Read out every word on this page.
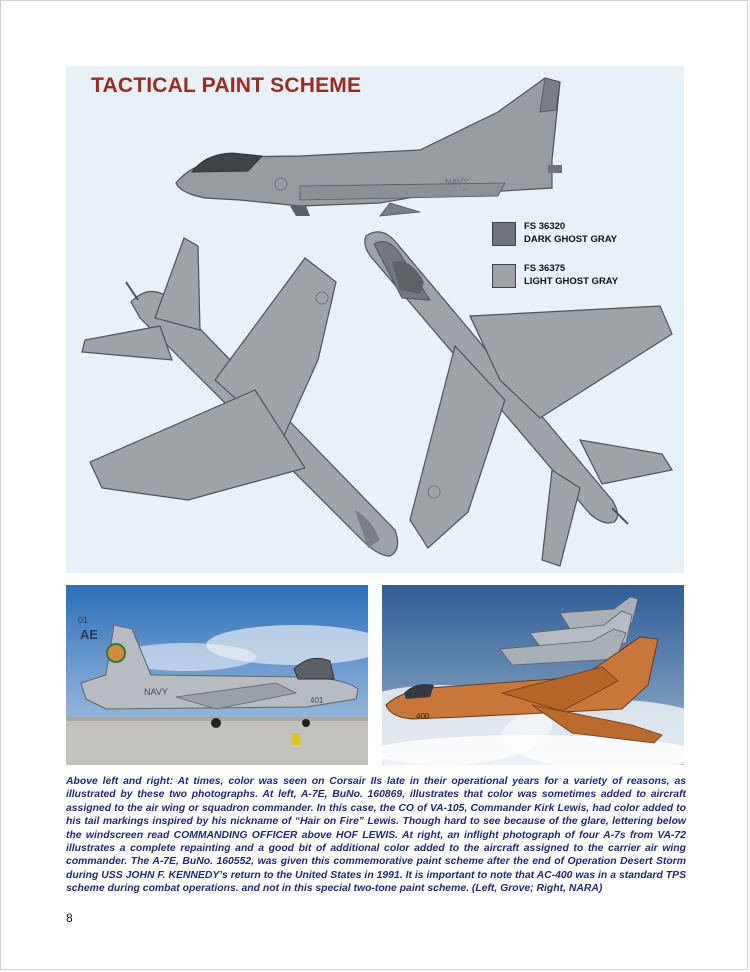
TACTICAL PAINT SCHEME
NAVY
FS 36320
DARK GHOST GRAY
FS 36375
LIGHT GHOST GRAY
AE
01
NAVY
401
400

Above left and right: At times, color was seen on Corsair IIs late in their operational years for a variety of reasons, as illustrated by these two photographs. At left, A-7E, BuNo. 160869, illustrates that color was sometimes added to aircraft assigned to the air wing or squadron commander. In this case, the CO of VA-105, Commander Kirk Lewis, had color added to his tail markings inspired by his nickname of “Hair on Fire” Lewis. Though hard to see because of the glare, lettering below the windscreen read COMMANDING OFFICER above HOF LEWIS. At right, an inflight photograph of four A-7s from VA-72 illustrates a complete repainting and a good bit of additional color added to the aircraft assigned to the carrier air wing commander. The A-7E, BuNo. 160552, was given this commemorative paint scheme after the end of Operation Desert Storm during USS JOHN F. KENNEDY’s return to the United States in 1991. It is important to note that AC-400 was in a standard TPS scheme during combat operations. and not in this special two-tone paint scheme. (Left, Grove; Right, NARA)

8
